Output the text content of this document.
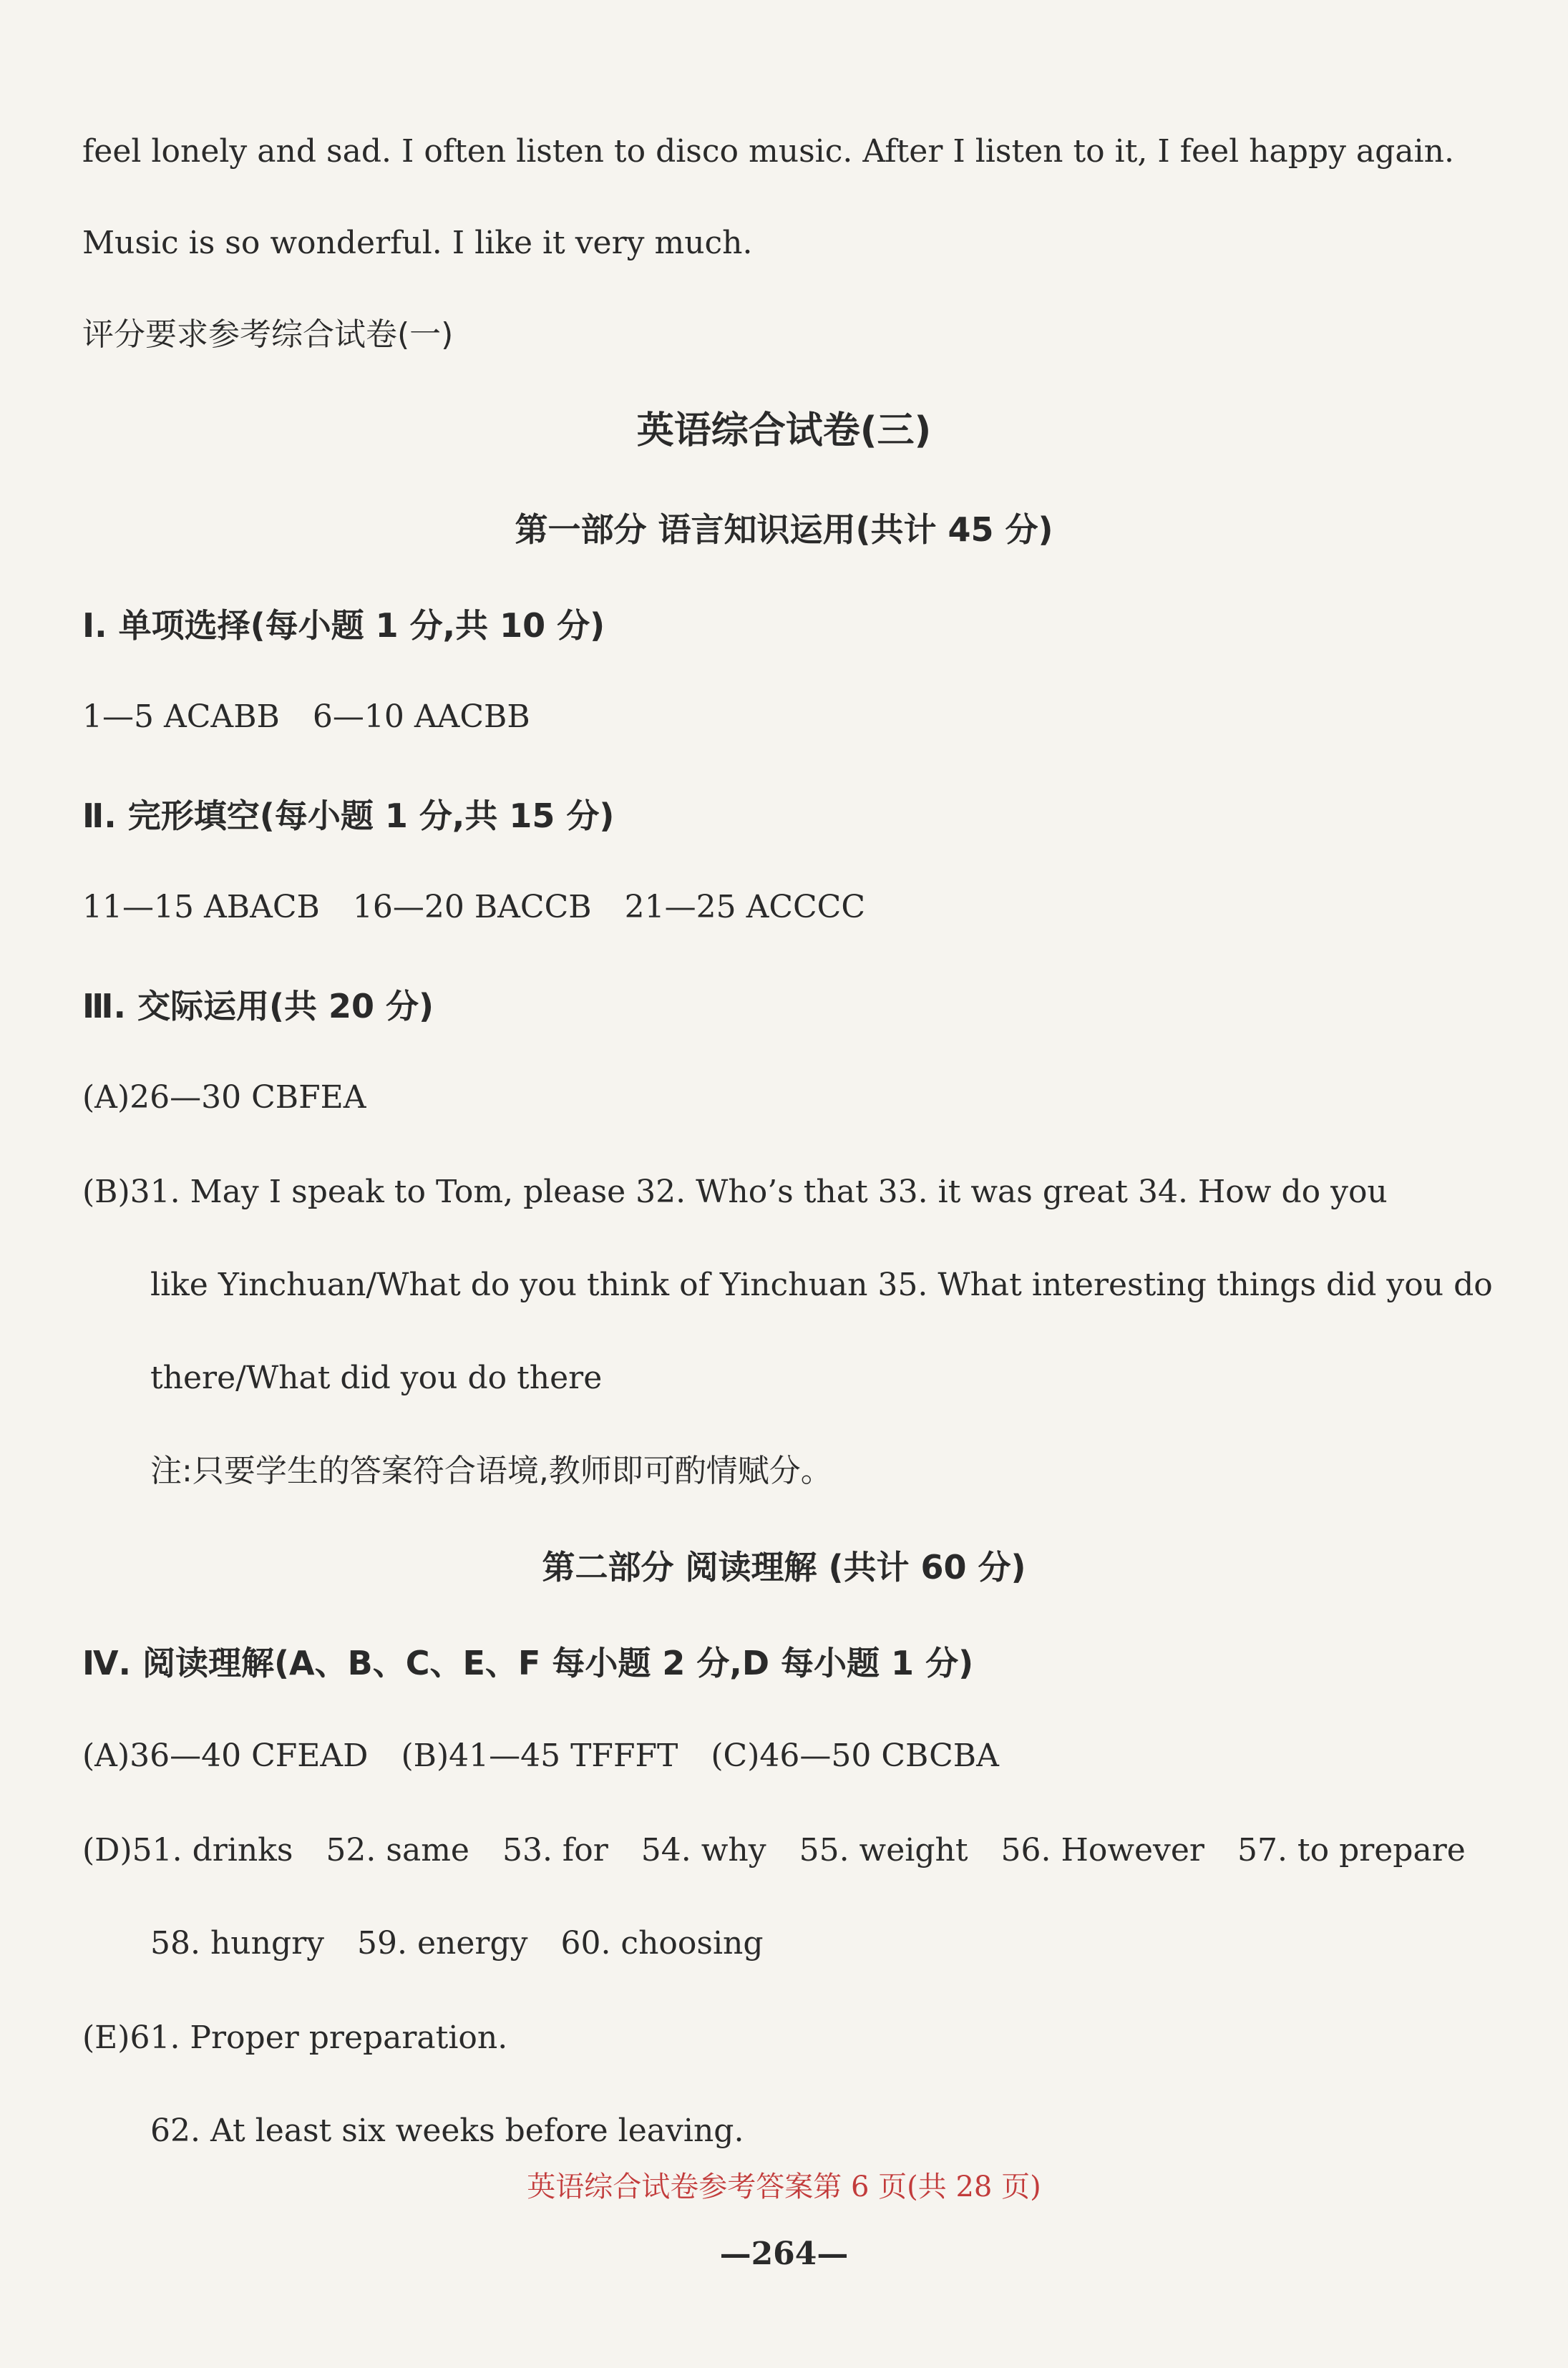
feel lonely and sad. I often listen to disco music. After I listen to it, I feel happy again.
Music is so wonderful. I like it very much.
评分要求参考综合试卷(一)
英语综合试卷(三)
第一部分 语言知识运用(共计 45 分)
Ⅰ. 单项选择(每小题 1 分,共 10 分)
1—5 ACABB 6—10 AACBB
Ⅱ. 完形填空(每小题 1 分,共 15 分)
11—15 ABACB 16—20 BACCB 21—25 ACCCC
Ⅲ. 交际运用(共 20 分)
(A)26—30 CBFEA
(B)31. May I speak to Tom, please 32. Who’s that 33. it was great 34. How do you
like Yinchuan/What do you think of Yinchuan 35. What interesting things did you do
there/What did you do there
注:只要学生的答案符合语境,教师即可酌情赋分。
第二部分 阅读理解 (共计 60 分)
Ⅳ. 阅读理解(A、B、C、E、F 每小题 2 分,D 每小题 1 分)
(A)36—40 CFEAD (B)41—45 TFFFT (C)46—50 CBCBA
(D)51. drinks 52. same 53. for 54. why 55. weight 56. However 57. to prepare
58. hungry 59. energy 60. choosing
(E)61. Proper preparation.
62. At least six weeks before leaving.
英语综合试卷参考答案第 6 页(共 28 页)
—264—
